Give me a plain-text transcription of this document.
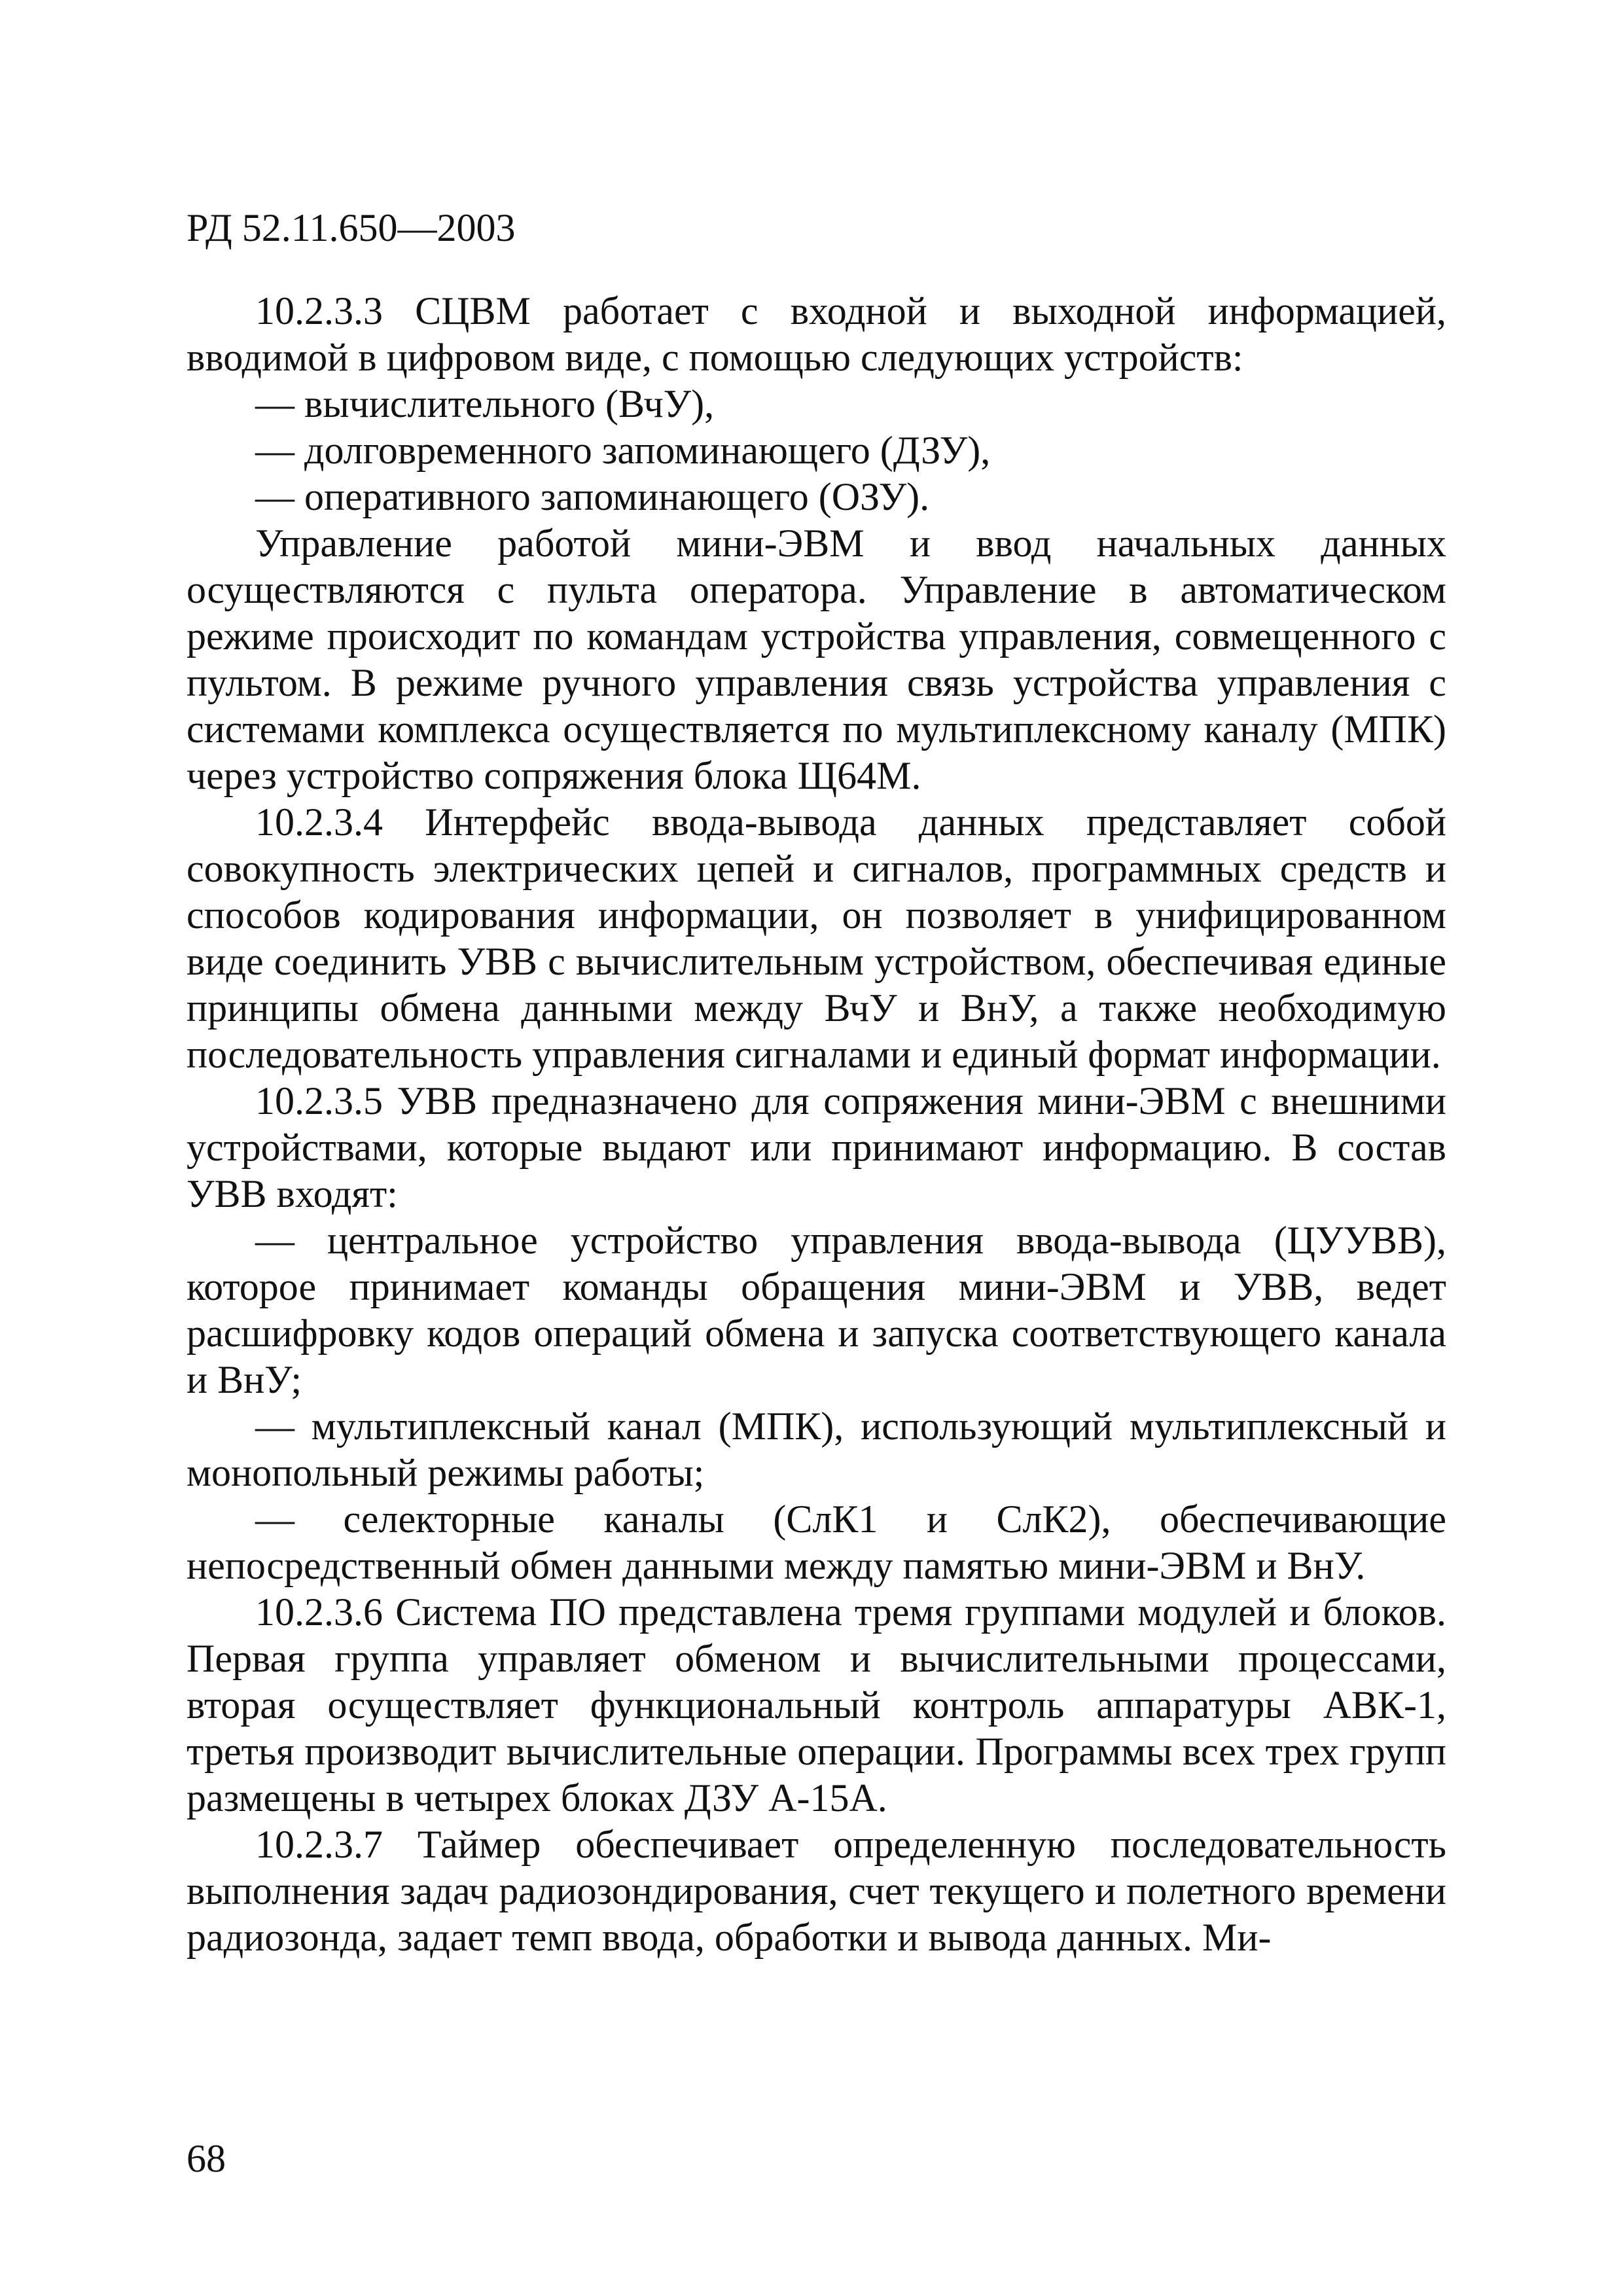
РД 52.11.650—2003

10.2.3.3 СЦВМ работает с входной и выходной информацией, вводимой в цифровом виде, с помощью следующих устройств:

— вычислительного (ВчУ),

— долговременного запоминающего (ДЗУ),

— оперативного запоминающего (ОЗУ).

Управление работой мини-ЭВМ и ввод начальных данных осуществляются с пульта оператора. Управление в автоматическом режиме происходит по командам устройства управления, совмещенного с пультом. В режиме ручного управления связь устройства управления с системами комплекса осуществляется по мультиплексному каналу (МПК) через устройство сопряжения блока Щ64М.

10.2.3.4 Интерфейс ввода-вывода данных представляет собой совокупность электрических цепей и сигналов, программных средств и способов кодирования информации, он позволяет в унифицированном виде соединить УВВ с вычислительным устройством, обеспечивая единые принципы обмена данными между ВчУ и ВнУ, а также необходимую последовательность управления сигналами и единый формат информации.

10.2.3.5 УВВ предназначено для сопряжения мини-ЭВМ с внешними устройствами, которые выдают или принимают информацию. В состав УВВ входят:

— центральное устройство управления ввода-вывода (ЦУУВВ), которое принимает команды обращения мини-ЭВМ и УВВ, ведет расшифровку кодов операций обмена и запуска соответствующего канала и ВнУ;

— мультиплексный канал (МПК), использующий мультиплексный и монопольный режимы работы;

— селекторные каналы (СлК1 и СлК2), обеспечивающие непосредственный обмен данными между памятью мини-ЭВМ и ВнУ.

10.2.3.6 Система ПО представлена тремя группами модулей и блоков. Первая группа управляет обменом и вычислительными процессами, вторая осуществляет функциональный контроль аппаратуры АВК-1, третья производит вычислительные операции. Программы всех трех групп размещены в четырех блоках ДЗУ А-15А.

10.2.3.7 Таймер обеспечивает определенную последовательность выполнения задач радиозондирования, счет текущего и полетного времени радиозонда, задает темп ввода, обработки и вывода данных. Ми-

68
